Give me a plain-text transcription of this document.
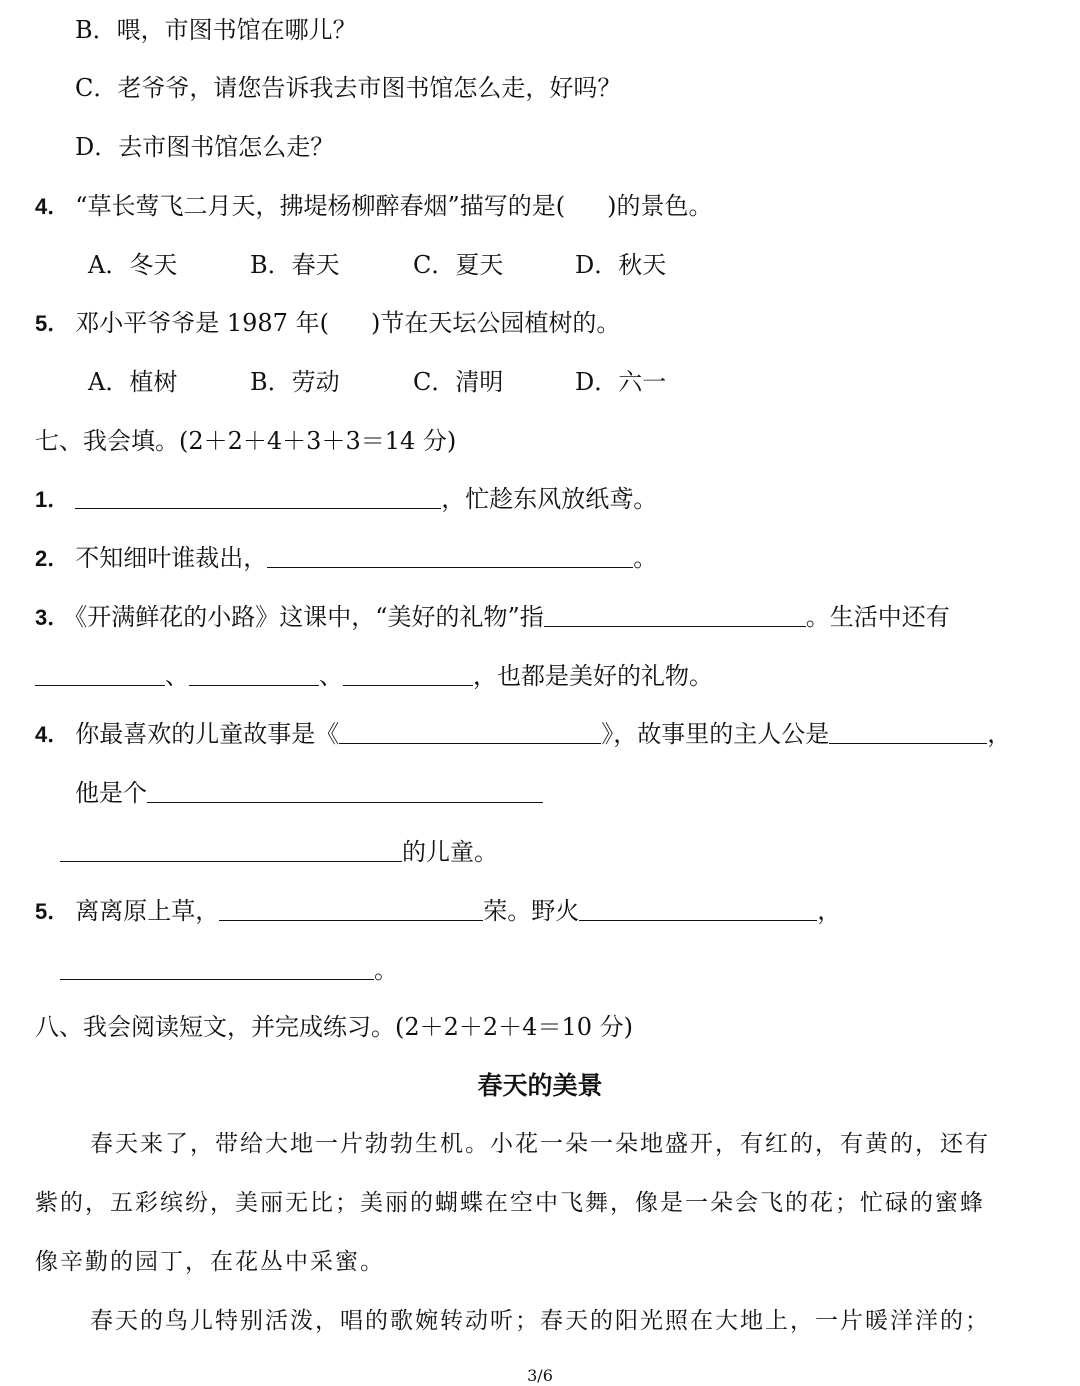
B．喂，市图书馆在哪儿？
C．老爷爷，请您告诉我去市图书馆怎么走，好吗？
D．去市图书馆怎么走？
4． “草长莺飞二月天，拂堤杨柳醉春烟”描写的是( )的景色。
A．冬天	B．春天	C．夏天	D．秋天
5． 邓小平爷爷是 1987 年( )节在天坛公园植树的。
A．植树	B．劳动	C．清明	D．六一
七、我会填。(2＋2＋4＋3＋3＝14 分)
1．	，忙趁东风放纸鸢。
2． 不知细叶谁裁出，	。
3． 《开满鲜花的小路》这课中，“美好的礼物”指	。生活中还有
、	、	，也都是美好的礼物。
4． 你最喜欢的儿童故事是《	》，故事里的主人公是	，
他是个
的儿童。
5． 离离原上草，	荣。野火	，
。
八、我会阅读短文，并完成练习。(2＋2＋2＋4＝10 分)
春天的美景
春天来了，带给大地一片勃勃生机。小花一朵一朵地盛开，有红的，有黄的，还有
紫的，五彩缤纷，美丽无比；美丽的蝴蝶在空中飞舞，像是一朵会飞的花；忙碌的蜜蜂
像辛勤的园丁，在花丛中采蜜。
春天的鸟儿特别活泼，唱的歌婉转动听；春天的阳光照在大地上，一片暖洋洋的；
3/6
